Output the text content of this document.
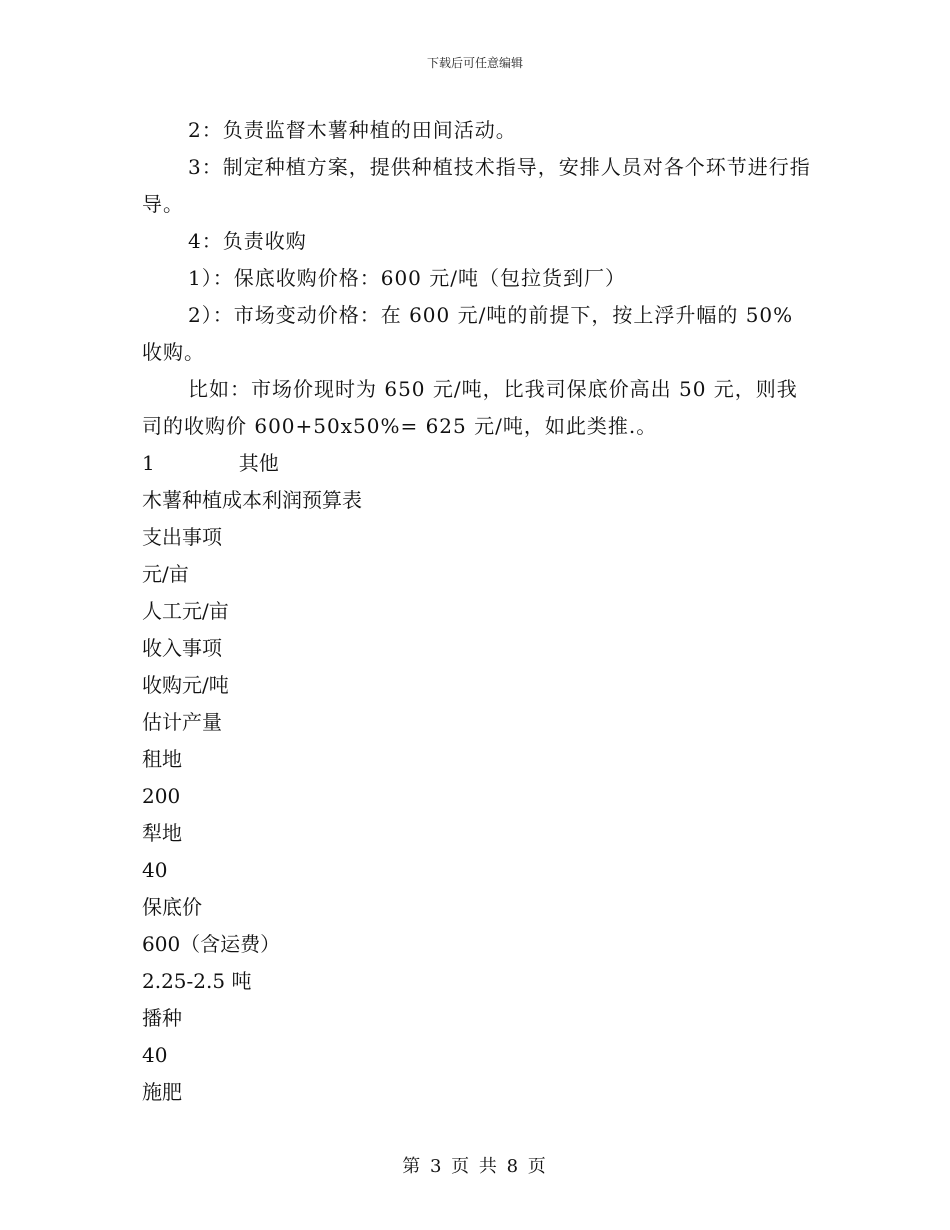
下载后可任意编辑

2：负责监督木薯种植的田间活动。

3：制定种植方案，提供种植技术指导，安排人员对各个环节进行指导。

4：负责收购

1）：保底收购价格：600 元/吨（包拉货到厂）

2）：市场变动价格：在 600 元/吨的前提下，按上浮升幅的 50%收购。

比如：市场价现时为 650 元/吨，比我司保底价高出 50 元，则我司的收购价 600+50x50%= 625 元/吨，如此类推.。

1	其他

木薯种植成本利润预算表

支出事项

元/亩

人工元/亩

收入事项

收购元/吨

估计产量

租地

200

犁地

40

保底价

600（含运费）

2.25-2.5 吨

播种

40

施肥

第 3 页 共 8 页
